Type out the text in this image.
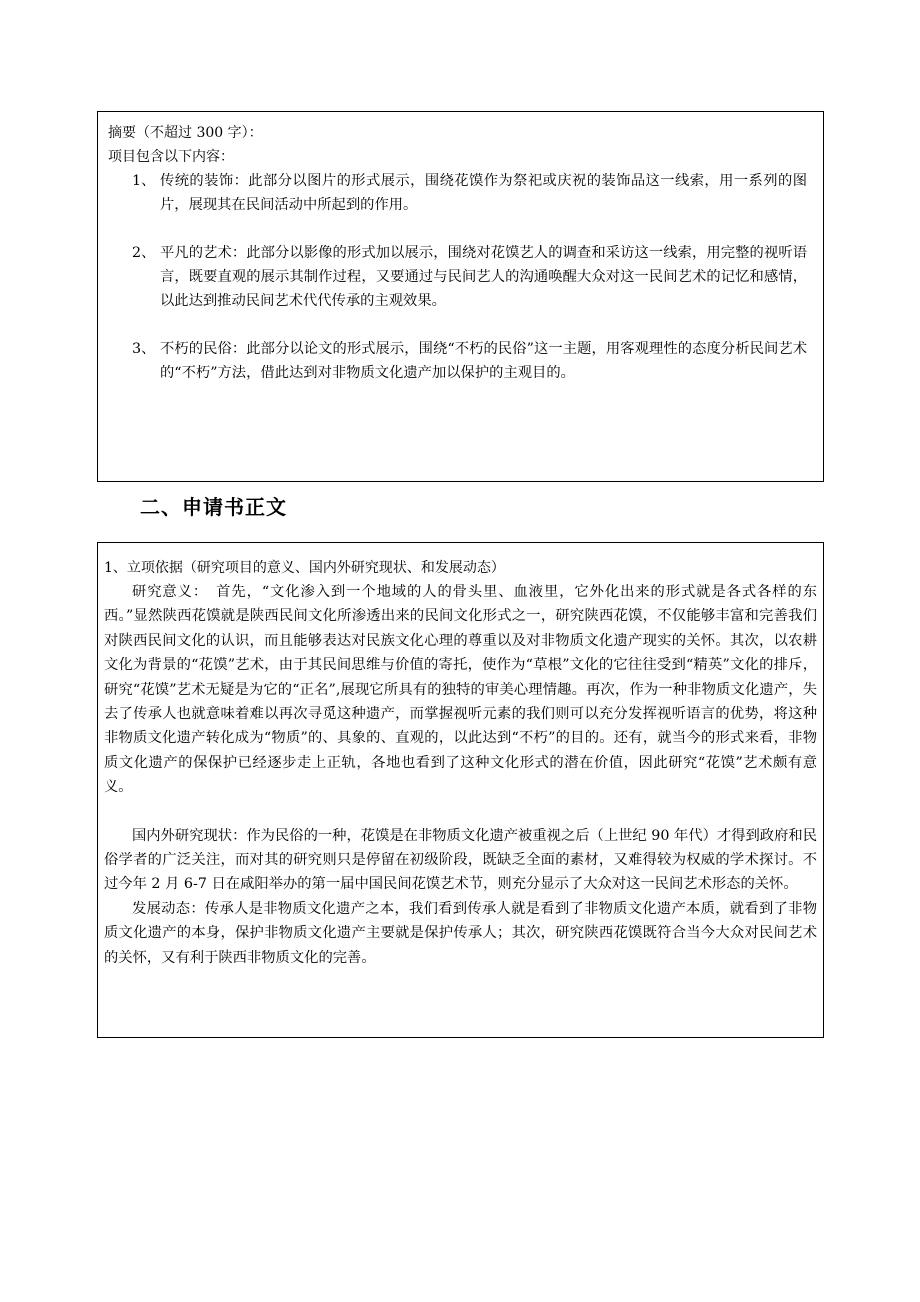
摘要（不超过 300 字）：
项目包含以下内容：
1、 传统的装饰：此部分以图片的形式展示，围绕花馍作为祭祀或庆祝的装饰品这一线索，用一系列的图片，展现其在民间活动中所起到的作用。
2、 平凡的艺术：此部分以影像的形式加以展示，围绕对花馍艺人的调查和采访这一线索，用完整的视听语言，既要直观的展示其制作过程，又要通过与民间艺人的沟通唤醒大众对这一民间艺术的记忆和感情，以此达到推动民间艺术代代传承的主观效果。
3、 不朽的民俗：此部分以论文的形式展示，围绕“不朽的民俗”这一主题，用客观理性的态度分析民间艺术的“不朽”方法，借此达到对非物质文化遗产加以保护的主观目的。
二、申请书正文
1、立项依据（研究项目的意义、国内外研究现状、和发展动态）

研究意义：　首先，“文化渗入到一个地域的人的骨头里、血液里，它外化出来的形式就是各式各样的东西。”显然陕西花馍就是陕西民间文化所渗透出来的民间文化形式之一，研究陕西花馍，不仅能够丰富和完善我们对陕西民间文化的认识，而且能够表达对民族文化心理的尊重以及对非物质文化遗产现实的关怀。其次，以农耕文化为背景的“花馍”艺术，由于其民间思维与价值的寄托，使作为“草根”文化的它往往受到“精英”文化的排斥，研究“花馍”艺术无疑是为它的“正名”,展现它所具有的独特的审美心理情趣。再次，作为一种非物质文化遗产，失去了传承人也就意味着难以再次寻觅这种遗产，而掌握视听元素的我们则可以充分发挥视听语言的优势，将这种非物质文化遗产转化成为“物质”的、具象的、直观的，以此达到“不朽”的目的。还有，就当今的形式来看，非物质文化遗产的保保护已经逐步走上正轨，各地也看到了这种文化形式的潜在价值，因此研究“花馍”艺术颇有意义。

国内外研究现状：作为民俗的一种，花馍是在非物质文化遗产被重视之后（上世纪 90 年代）才得到政府和民俗学者的广泛关注，而对其的研究则只是停留在初级阶段，既缺乏全面的素材，又难得较为权威的学术探讨。不过今年 2 月 6-7 日在咸阳举办的第一届中国民间花馍艺术节，则充分显示了大众对这一民间艺术形态的关怀。

发展动态：传承人是非物质文化遗产之本，我们看到传承人就是看到了非物质文化遗产本质，就看到了非物质文化遗产的本身，保护非物质文化遗产主要就是保护传承人；其次，研究陕西花馍既符合当今大众对民间艺术的关怀，又有利于陕西非物质文化的完善。
